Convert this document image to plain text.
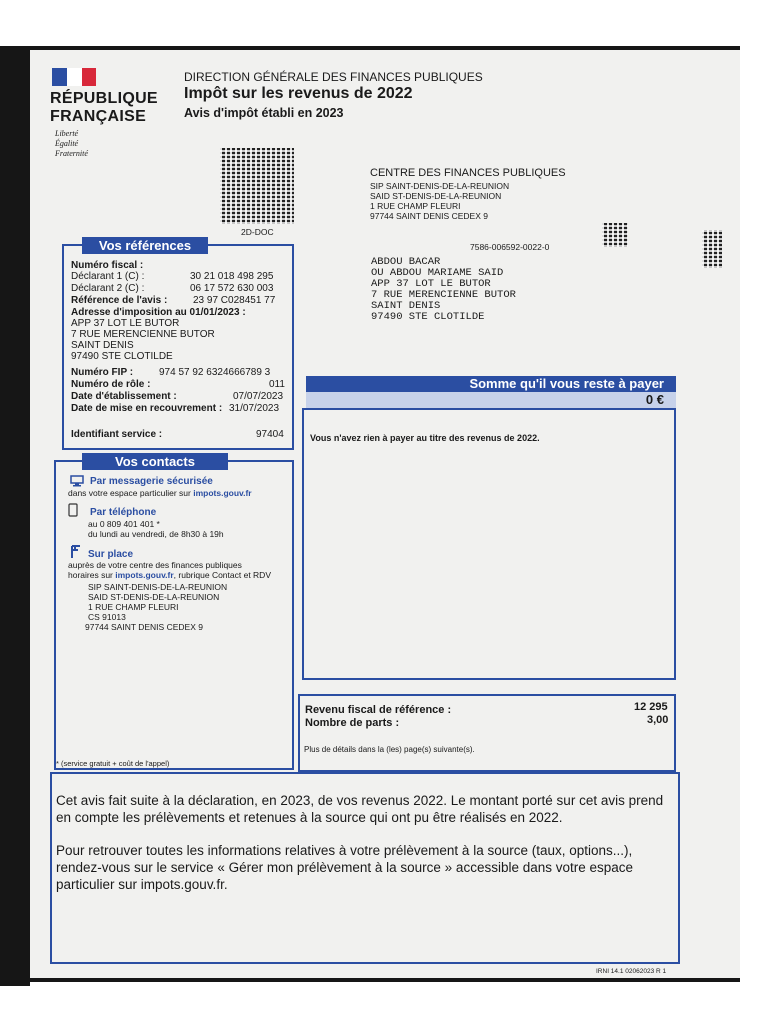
RÉPUBLIQUE
FRANÇAISE
Liberté
Égalité
Fraternité
DIRECTION GÉNÉRALE DES FINANCES PUBLIQUES
Impôt sur les revenus de 2022
Avis d'impôt établi en 2023
2D-DOC
CENTRE DES FINANCES PUBLIQUES
SIP SAINT-DENIS-DE-LA-REUNION
SAID ST-DENIS-DE-LA-REUNION
1 RUE CHAMP FLEURI
97744 SAINT DENIS CEDEX 9
7586-006592-0022-0
ABDOU BACAR
OU ABDOU MARIAME SAID
APP 37 LOT LE BUTOR
7 RUE MERENCIENNE BUTOR
SAINT DENIS
97490 STE CLOTILDE
Vos références
Numéro fiscal :
Déclarant 1 (C) :	30 21 018 498 295
Déclarant 2 (C) :	06 17 572 630 003
Référence de l'avis :	23 97 C028451 77
Adresse d'imposition au 01/01/2023 :
APP 37 LOT LE BUTOR
7 RUE MERENCIENNE BUTOR
SAINT DENIS
97490 STE CLOTILDE
Numéro FIP :	974 57 92 6324666789 3
Numéro de rôle :	011
Date d'établissement :	07/07/2023
Date de mise en recouvrement : 31/07/2023
Identifiant service :	97404
Vos contacts
Par messagerie sécurisée
dans votre espace particulier sur impots.gouv.fr
Par téléphone
au 0 809 401 401 *
du lundi au vendredi, de 8h30 à 19h
Sur place
auprès de votre centre des finances publiques
horaires sur impots.gouv.fr, rubrique Contact et RDV
SIP SAINT-DENIS-DE-LA-REUNION
SAID ST-DENIS-DE-LA-REUNION
1 RUE CHAMP FLEURI
CS 91013
97744 SAINT DENIS CEDEX 9
* (service gratuit + coût de l'appel)
Somme qu'il vous reste à payer
0 €
Vous n'avez rien à payer au titre des revenus de 2022.
Revenu fiscal de référence :	12 295
Nombre de parts :	3,00
Plus de détails dans la (les) page(s) suivante(s).
Cet avis fait suite à la déclaration, en 2023, de vos revenus 2022. Le montant porté sur cet avis prend en compte les prélèvements et retenues à la source qui ont pu être réalisés en 2022.
Pour retrouver toutes les informations relatives à votre prélèvement à la source (taux, options...), rendez-vous sur le service « Gérer mon prélèvement à la source » accessible dans votre espace particulier sur impots.gouv.fr.
IRNI 14.1 02062023 R 1
